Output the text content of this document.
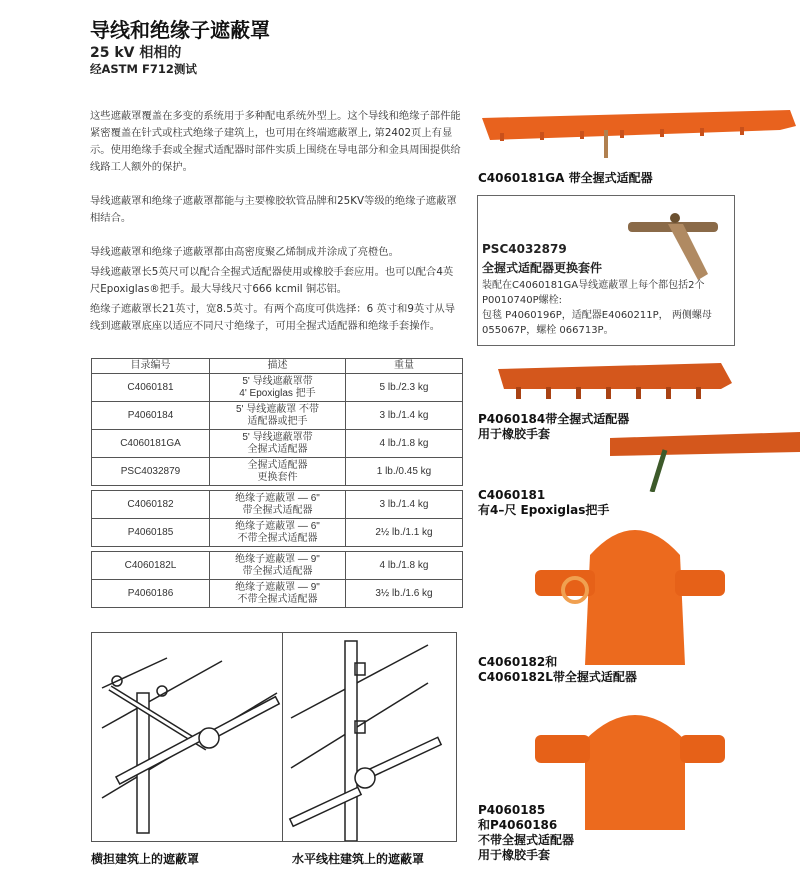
导线和绝缘子遮蔽罩
25 kV 相相的
经ASTM F712测试

这些遮蔽罩覆盖在多变的系统用于多种配电系统外型上。这个导线和绝缘子部件能紧密覆盖在针式或柱式绝缘子建筑上，也可用在终端遮蔽罩上, 第2402页上有显示。使用绝缘手套或全握式适配器时部件实质上围绕在导电部分和金具周围提供给线路工人额外的保护。

导线遮蔽罩和绝缘子遮蔽罩都能与主要橡胶软管品牌和25KV等级的绝缘子遮蔽罩相结合。

导线遮蔽罩和绝缘子遮蔽罩都由高密度聚乙烯制成并涂成了亮橙色。

导线遮蔽罩长5英尺可以配合全握式适配器使用或橡胶手套应用。也可以配合4英尺Epoxiglas®把手。最大导线尺寸666 kcmil 铜芯铝。

绝缘子遮蔽罩长21英寸，宽8.5英寸。有两个高度可供选择：6 英寸和9英寸从导线到遮蔽罩底座以适应不同尺寸绝缘子，可用全握式适配器和绝缘手套操作。

目录编号	描述	重量
C4060181	5' 导线遮蔽罩带
4' Epoxiglas 把手	5 lb./2.3 kg
P4060184	5' 导线遮蔽罩 不带
适配器或把手	3 lb./1.4 kg
C4060181GA	5' 导线遮蔽罩带
全握式适配器	4 lb./1.8 kg
PSC4032879	全握式适配器
更换套件	1 lb./0.45 kg
C4060182	绝缘子遮蔽罩 — 6"
带全握式适配器	3 lb./1.4 kg
P4060185	绝缘子遮蔽罩 — 6"
不带全握式适配器	2½ lb./1.1 kg
C4060182L	绝缘子遮蔽罩 — 9"
带全握式适配器	4 lb./1.8 kg
P4060186	绝缘子遮蔽罩 — 9"
不带全握式适配器	3½ lb./1.6 kg
横担建筑上的遮蔽罩	水平线柱建筑上的遮蔽罩
C4060181GA 带全握式适配器
PSC4032879
全握式适配器更换套件
装配在C4060181GA导线遮蔽罩上每个都包括2个
P0010740P螺栓:
包毯 P4060196P，适配器E4060211P， 两侧螺母
055067P，螺栓 066713P。
P4060184带全握式适配器
用于橡胶手套
C4060181
有4–尺 Epoxiglas把手
C4060182和
C4060182L带全握式适配器
P4060185
和P4060186
不带全握式适配器
用于橡胶手套
